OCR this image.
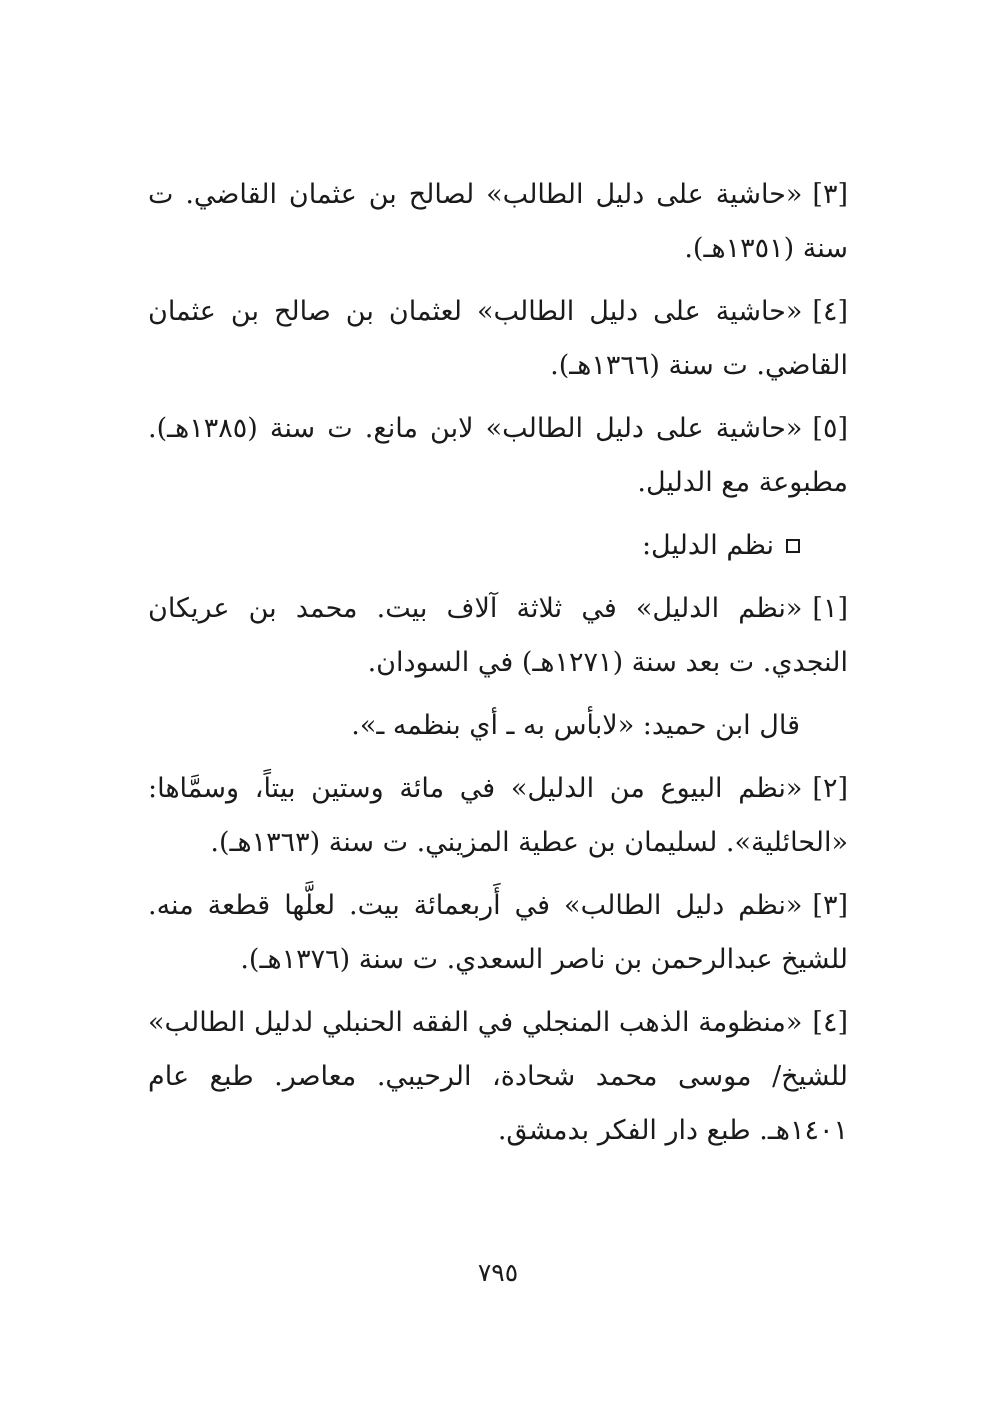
[٣]«حاشية على دليل الطالب» لصالح بن عثمان القاضي. ت سنة (١٣٥١هـ).

[٤]«حاشية على دليل الطالب» لعثمان بن صالح بن عثمان القاضي. ت سنة (١٣٦٦هـ).

[٥]«حاشية على دليل الطالب» لابن مانع. ت سنة (١٣٨٥هـ). مطبوعة مع الدليل.

نظم الدليل:

[١]«نظم الدليل» في ثلاثة آلاف بيت. محمد بن عريكان النجدي. ت بعد سنة (١٢٧١هـ) في السودان.

قال ابن حميد: «لابأس به ـ أي بنظمه ـ».

[٢]«نظم البيوع من الدليل» في مائة وستين بيتاً، وسمَّاها: «الحائلية». لسليمان بن عطية المزيني. ت سنة (١٣٦٣هـ).

[٣]«نظم دليل الطالب» في أَربعمائة بيت. لعلَّها قطعة منه. للشيخ عبدالرحمن بن ناصر السعدي. ت سنة (١٣٧٦هـ).

[٤]«منظومة الذهب المنجلي في الفقه الحنبلي لدليل الطالب» للشيخ/ موسى محمد شحادة، الرحيبي. معاصر. طبع عام ١٤٠١هـ. طبع دار الفكر بدمشق.

٧٩٥
